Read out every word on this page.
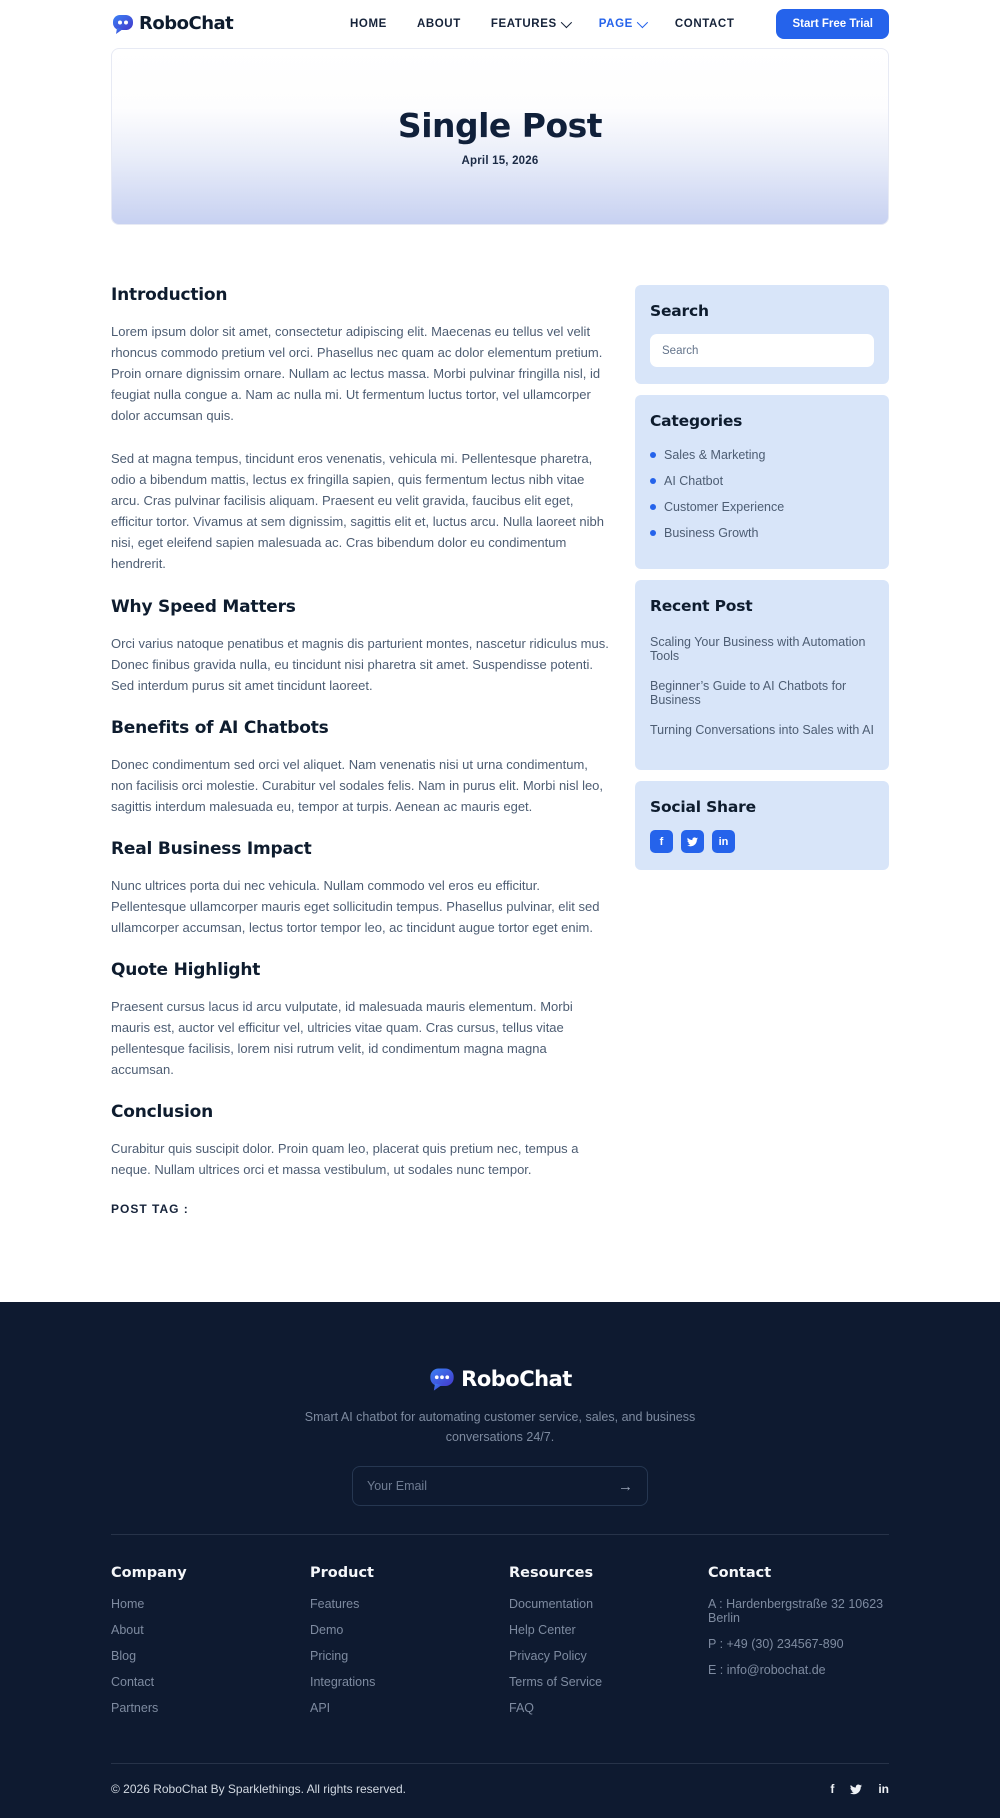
RoboChat	HOME	ABOUT	FEATURES	PAGE	CONTACT	Start Free Trial
Single Post
April 15, 2026
Introduction

Lorem ipsum dolor sit amet, consectetur adipiscing elit. Maecenas eu tellus vel velit rhoncus commodo pretium vel orci. Phasellus nec quam ac dolor elementum pretium. Proin ornare dignissim ornare. Nullam ac lectus massa. Morbi pulvinar fringilla nisl, id feugiat nulla congue a. Nam ac nulla mi. Ut fermentum luctus tortor, vel ullamcorper dolor accumsan quis.

Sed at magna tempus, tincidunt eros venenatis, vehicula mi. Pellentesque pharetra, odio a bibendum mattis, lectus ex fringilla sapien, quis fermentum lectus nibh vitae arcu. Cras pulvinar facilisis aliquam. Praesent eu velit gravida, faucibus elit eget, efficitur tortor. Vivamus at sem dignissim, sagittis elit et, luctus arcu. Nulla laoreet nibh nisi, eget eleifend sapien malesuada ac. Cras bibendum dolor eu condimentum hendrerit.

Why Speed Matters

Orci varius natoque penatibus et magnis dis parturient montes, nascetur ridiculus mus. Donec finibus gravida nulla, eu tincidunt nisi pharetra sit amet. Suspendisse potenti. Sed interdum purus sit amet tincidunt laoreet.

Benefits of AI Chatbots

Donec condimentum sed orci vel aliquet. Nam venenatis nisi ut urna condimentum, non facilisis orci molestie. Curabitur vel sodales felis. Nam in purus elit. Morbi nisl leo, sagittis interdum malesuada eu, tempor at turpis. Aenean ac mauris eget.

Real Business Impact

Nunc ultrices porta dui nec vehicula. Nullam commodo vel eros eu efficitur. Pellentesque ullamcorper mauris eget sollicitudin tempus. Phasellus pulvinar, elit sed ullamcorper accumsan, lectus tortor tempor leo, ac tincidunt augue tortor eget enim.

Quote Highlight

Praesent cursus lacus id arcu vulputate, id malesuada mauris elementum. Morbi mauris est, auctor vel efficitur vel, ultricies vitae quam. Cras cursus, tellus vitae pellentesque facilisis, lorem nisi rutrum velit, id condimentum magna magna accumsan.

Conclusion

Curabitur quis suscipit dolor. Proin quam leo, placerat quis pretium nec, tempus a neque. Nullam ultrices orci et massa vestibulum, ut sodales nunc tempor.

POST TAG :
Search
Search
Categories
Sales & Marketing
AI Chatbot
Customer Experience
Business Growth
Recent Post
Scaling Your Business with Automation Tools
Beginner’s Guide to AI Chatbots for Business
Turning Conversations into Sales with AI
Social Share
f	in
RoboChat
Smart AI chatbot for automating customer service, sales, and business conversations 24/7.
Your Email
→
Company
Home
About
Blog
Contact
Partners
Product
Features
Demo
Pricing
Integrations
API
Resources
Documentation
Help Center
Privacy Policy
Terms of Service
FAQ
Contact
A : Hardenbergstraße 32 10623 Berlin
P : +49 (30) 234567-890
E : info@robochat.de
© 2026 RoboChat By Sparklethings. All rights reserved.	f	in
